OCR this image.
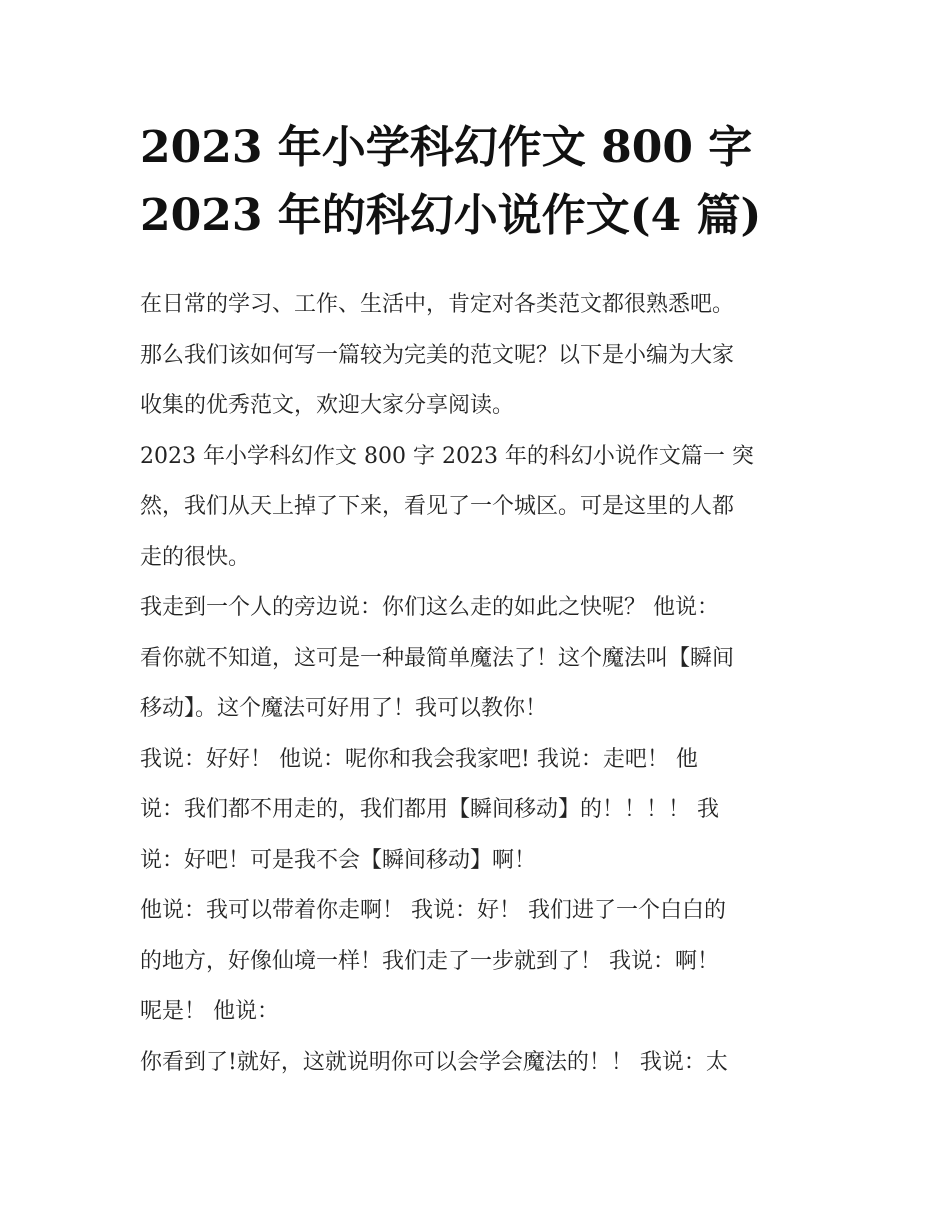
2023 年小学科幻作文 800 字
2023 年的科幻小说作文(4 篇)
在日常的学习、工作、生活中，肯定对各类范文都很熟悉吧。
那么我们该如何写一篇较为完美的范文呢？以下是小编为大家
收集的优秀范文，欢迎大家分享阅读。
2023 年小学科幻作文 800 字 2023 年的科幻小说作文篇一 突
然，我们从天上掉了下来，看见了一个城区。可是这里的人都
走的很快。
我走到一个人的旁边说：你们这么走的如此之快呢？ 他说：
看你就不知道，这可是一种最简单魔法了！这个魔法叫【瞬间
移动】。这个魔法可好用了！我可以教你！
我说：好好！ 他说：呢你和我会我家吧! 我说：走吧！ 他
说：我们都不用走的，我们都用【瞬间移动】的！！！！ 我
说：好吧！可是我不会【瞬间移动】啊！
他说：我可以带着你走啊！ 我说：好！ 我们进了一个白白的
的地方，好像仙境一样！我们走了一步就到了！ 我说：啊！
呢是！ 他说：
你看到了!就好，这就说明你可以会学会魔法的！！ 我说：太
